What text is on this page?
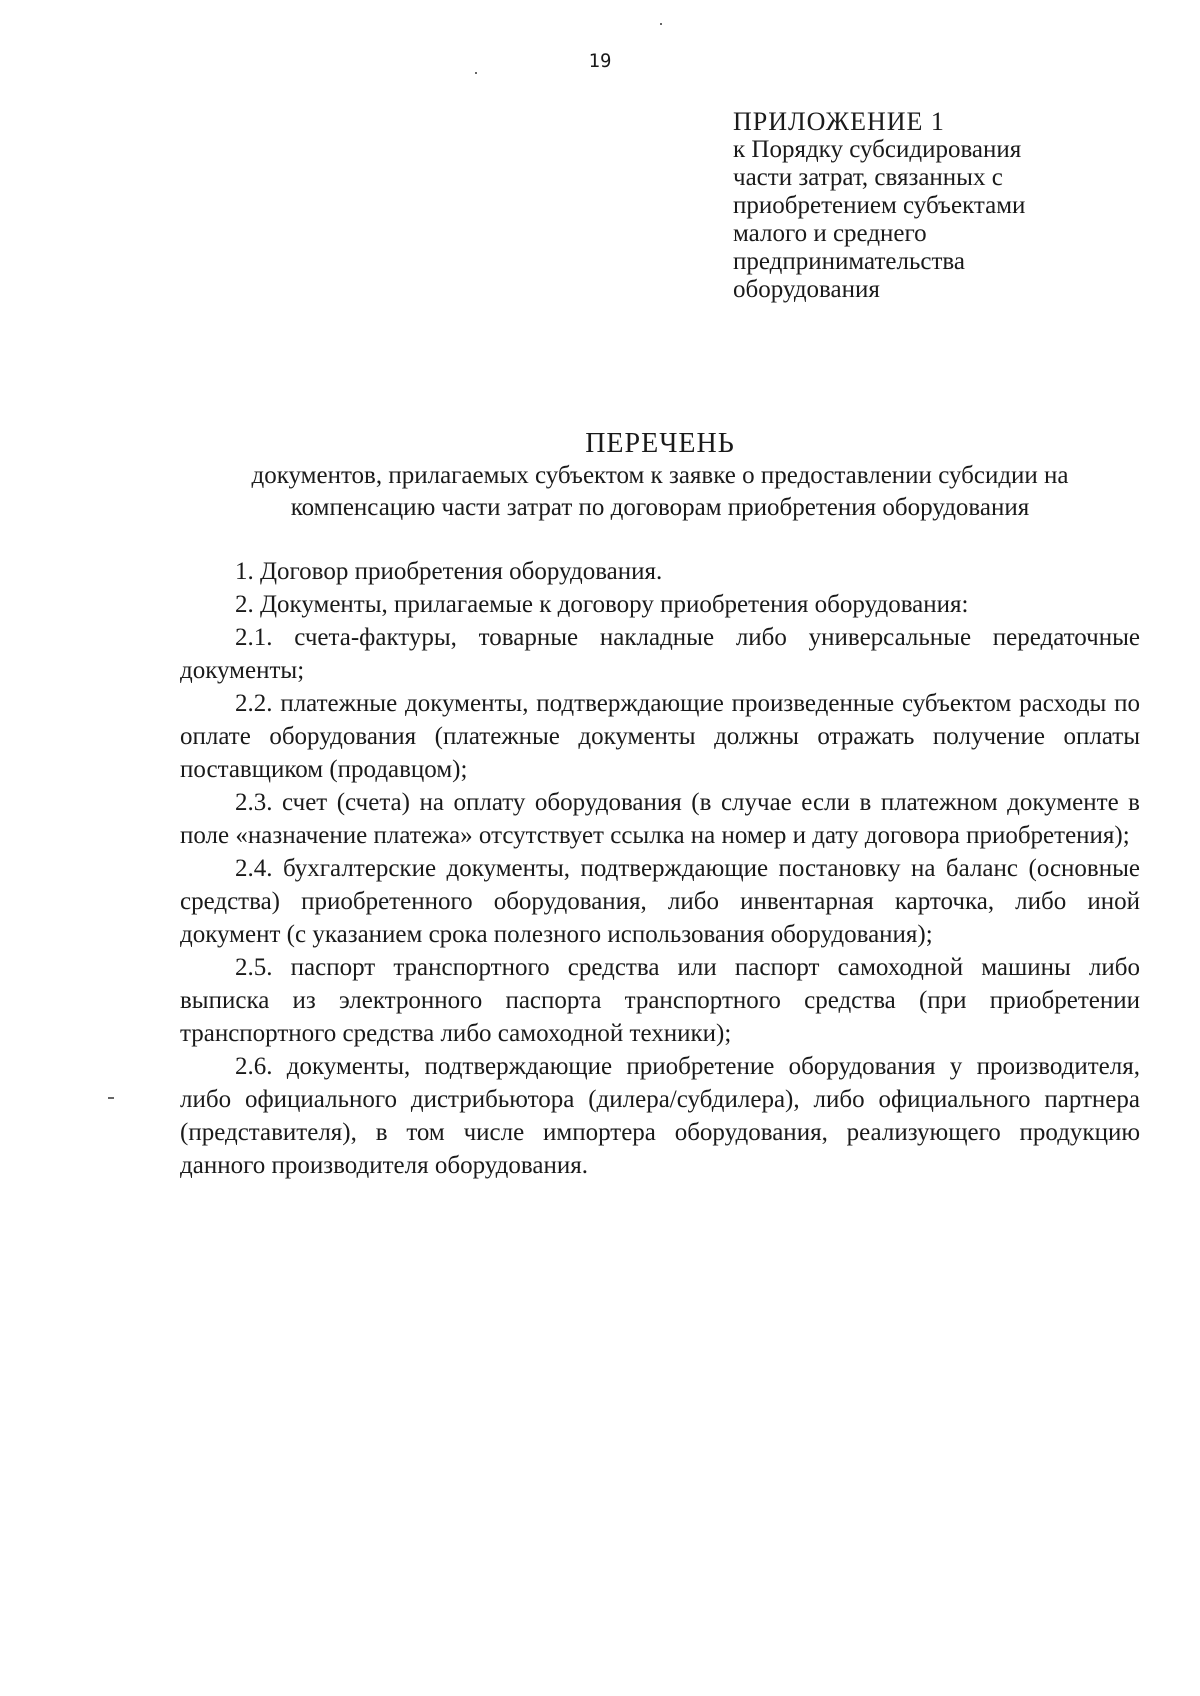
19
ПРИЛОЖЕНИЕ 1
к Порядку субсидирования
части затрат, связанных с
приобретением субъектами
малого и среднего
предпринимательства
оборудования
ПЕРЕЧЕНЬ
документов, прилагаемых субъектом к заявке о предоставлении субсидии на
компенсацию части затрат по договорам приобретения оборудования

1. Договор приобретения оборудования.

2. Документы, прилагаемые к договору приобретения оборудования:

2.1. счета-фактуры, товарные накладные либо универсальные передаточные документы;

2.2. платежные документы, подтверждающие произведенные субъектом расходы по оплате оборудования (платежные документы должны отражать получение оплаты поставщиком (продавцом);

2.3. счет (счета) на оплату оборудования (в случае если в платежном документе в поле «назначение платежа» отсутствует ссылка на номер и дату договора приобретения);

2.4. бухгалтерские документы, подтверждающие постановку на баланс (основные средства) приобретенного оборудования, либо инвентарная карточка, либо иной документ (с указанием срока полезного использования оборудования);

2.5. паспорт транспортного средства или паспорт самоходной машины либо выписка из электронного паспорта транспортного средства (при приобретении транспортного средства либо самоходной техники);

2.6. документы, подтверждающие приобретение оборудования у производителя, либо официального дистрибьютора (дилера/субдилера), либо официального партнера (представителя), в том числе импортера оборудования, реализующего продукцию данного производителя оборудования.
